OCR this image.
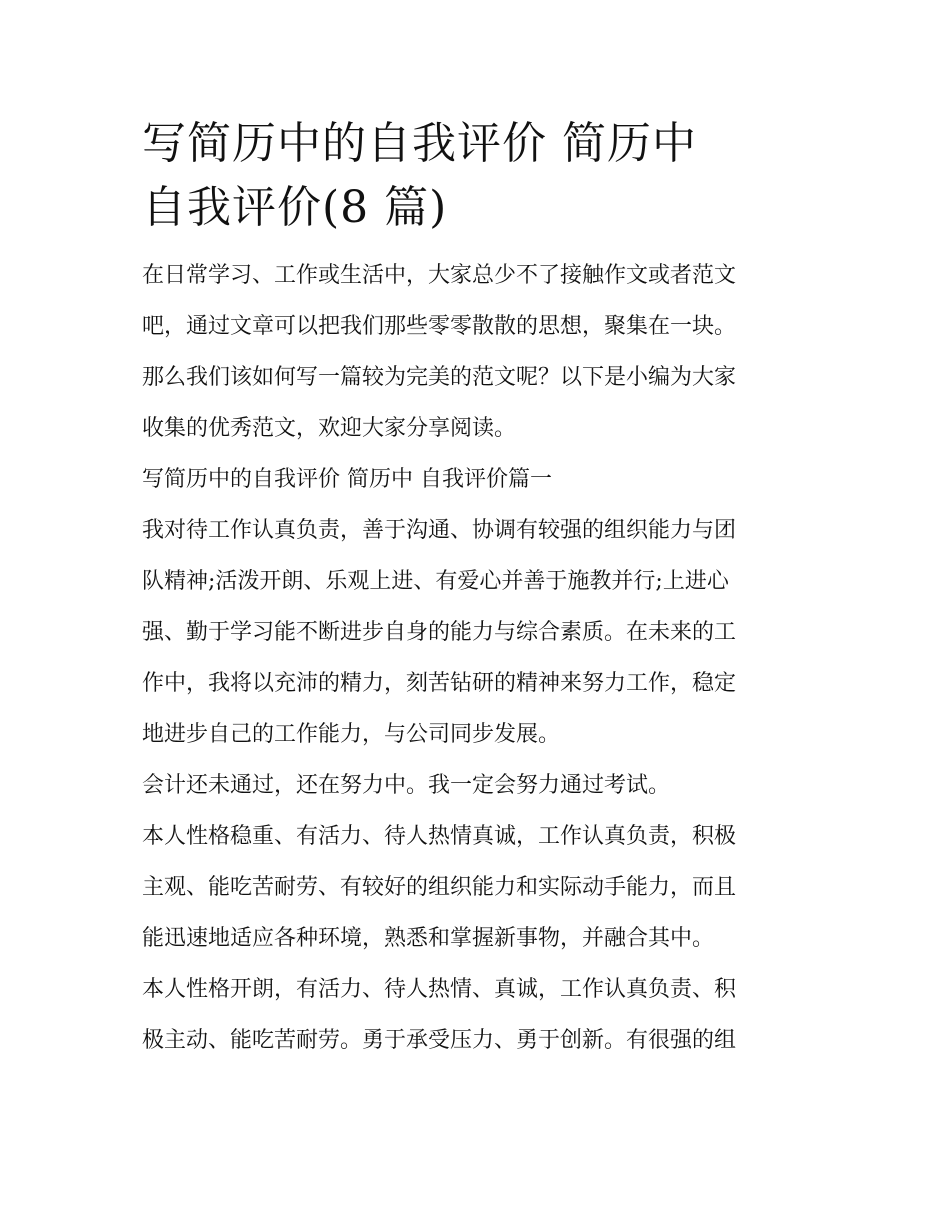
写简历中的自我评价 简历中
自我评价(8 篇)

在日常学习、工作或生活中，大家总少不了接触作文或者范文
吧，通过文章可以把我们那些零零散散的思想，聚集在一块。
那么我们该如何写一篇较为完美的范文呢？以下是小编为大家
收集的优秀范文，欢迎大家分享阅读。

写简历中的自我评价 简历中 自我评价篇一

我对待工作认真负责，善于沟通、协调有较强的组织能力与团
队精神;活泼开朗、乐观上进、有爱心并善于施教并行;上进心
强、勤于学习能不断进步自身的能力与综合素质。在未来的工
作中，我将以充沛的精力，刻苦钻研的精神来努力工作，稳定
地进步自己的工作能力，与公司同步发展。

会计还未通过，还在努力中。我一定会努力通过考试。

本人性格稳重、有活力、待人热情真诚，工作认真负责，积极
主观、能吃苦耐劳、有较好的组织能力和实际动手能力，而且
能迅速地适应各种环境，熟悉和掌握新事物，并融合其中。

本人性格开朗，有活力、待人热情、真诚，工作认真负责、积
极主动、能吃苦耐劳。勇于承受压力、勇于创新。有很强的组
